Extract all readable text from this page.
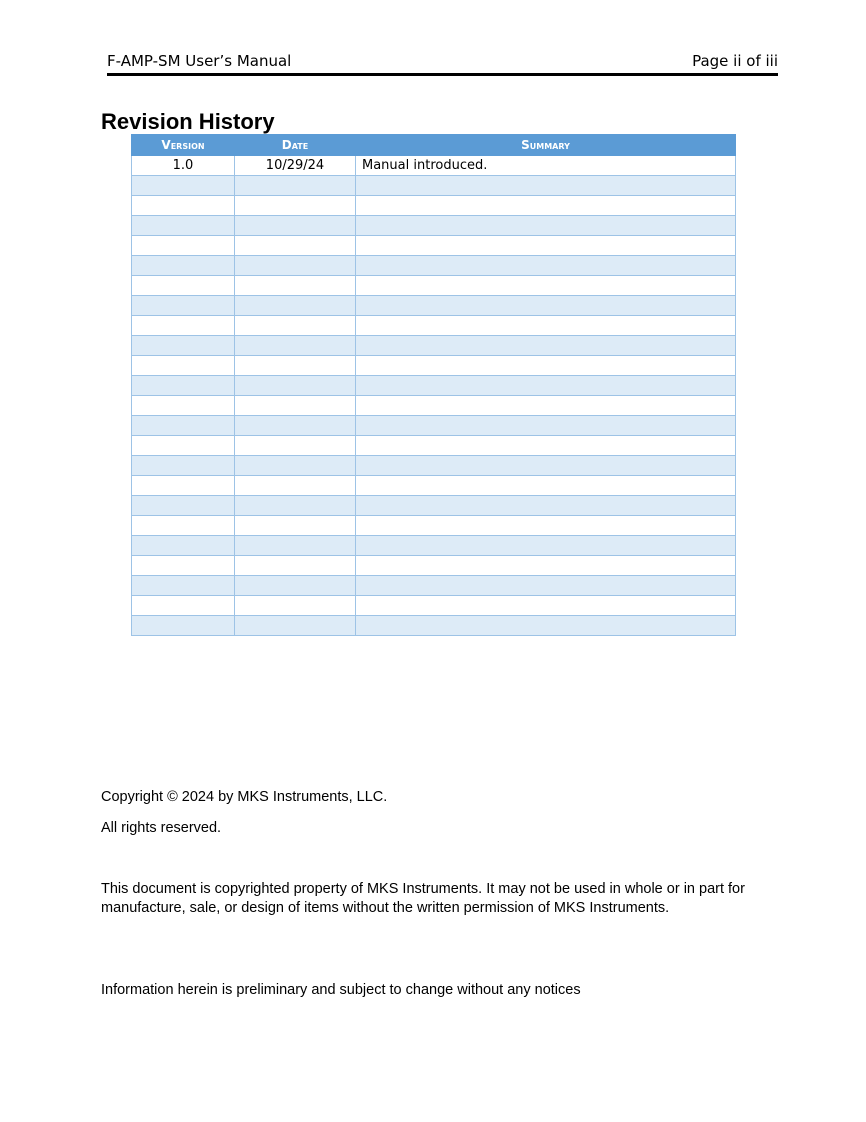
F-AMP-SM User’s Manual	Page ii of iii
Revision History
Version	Date	Summary
1.0	10/29/24	Manual introduced.

Copyright © 2024 by MKS Instruments, LLC.
All rights reserved.
This document is copyrighted property of MKS Instruments. It may not be used in whole or in part for manufacture, sale, or design of items without the written permission of MKS Instruments.
Information herein is preliminary and subject to change without any notices
